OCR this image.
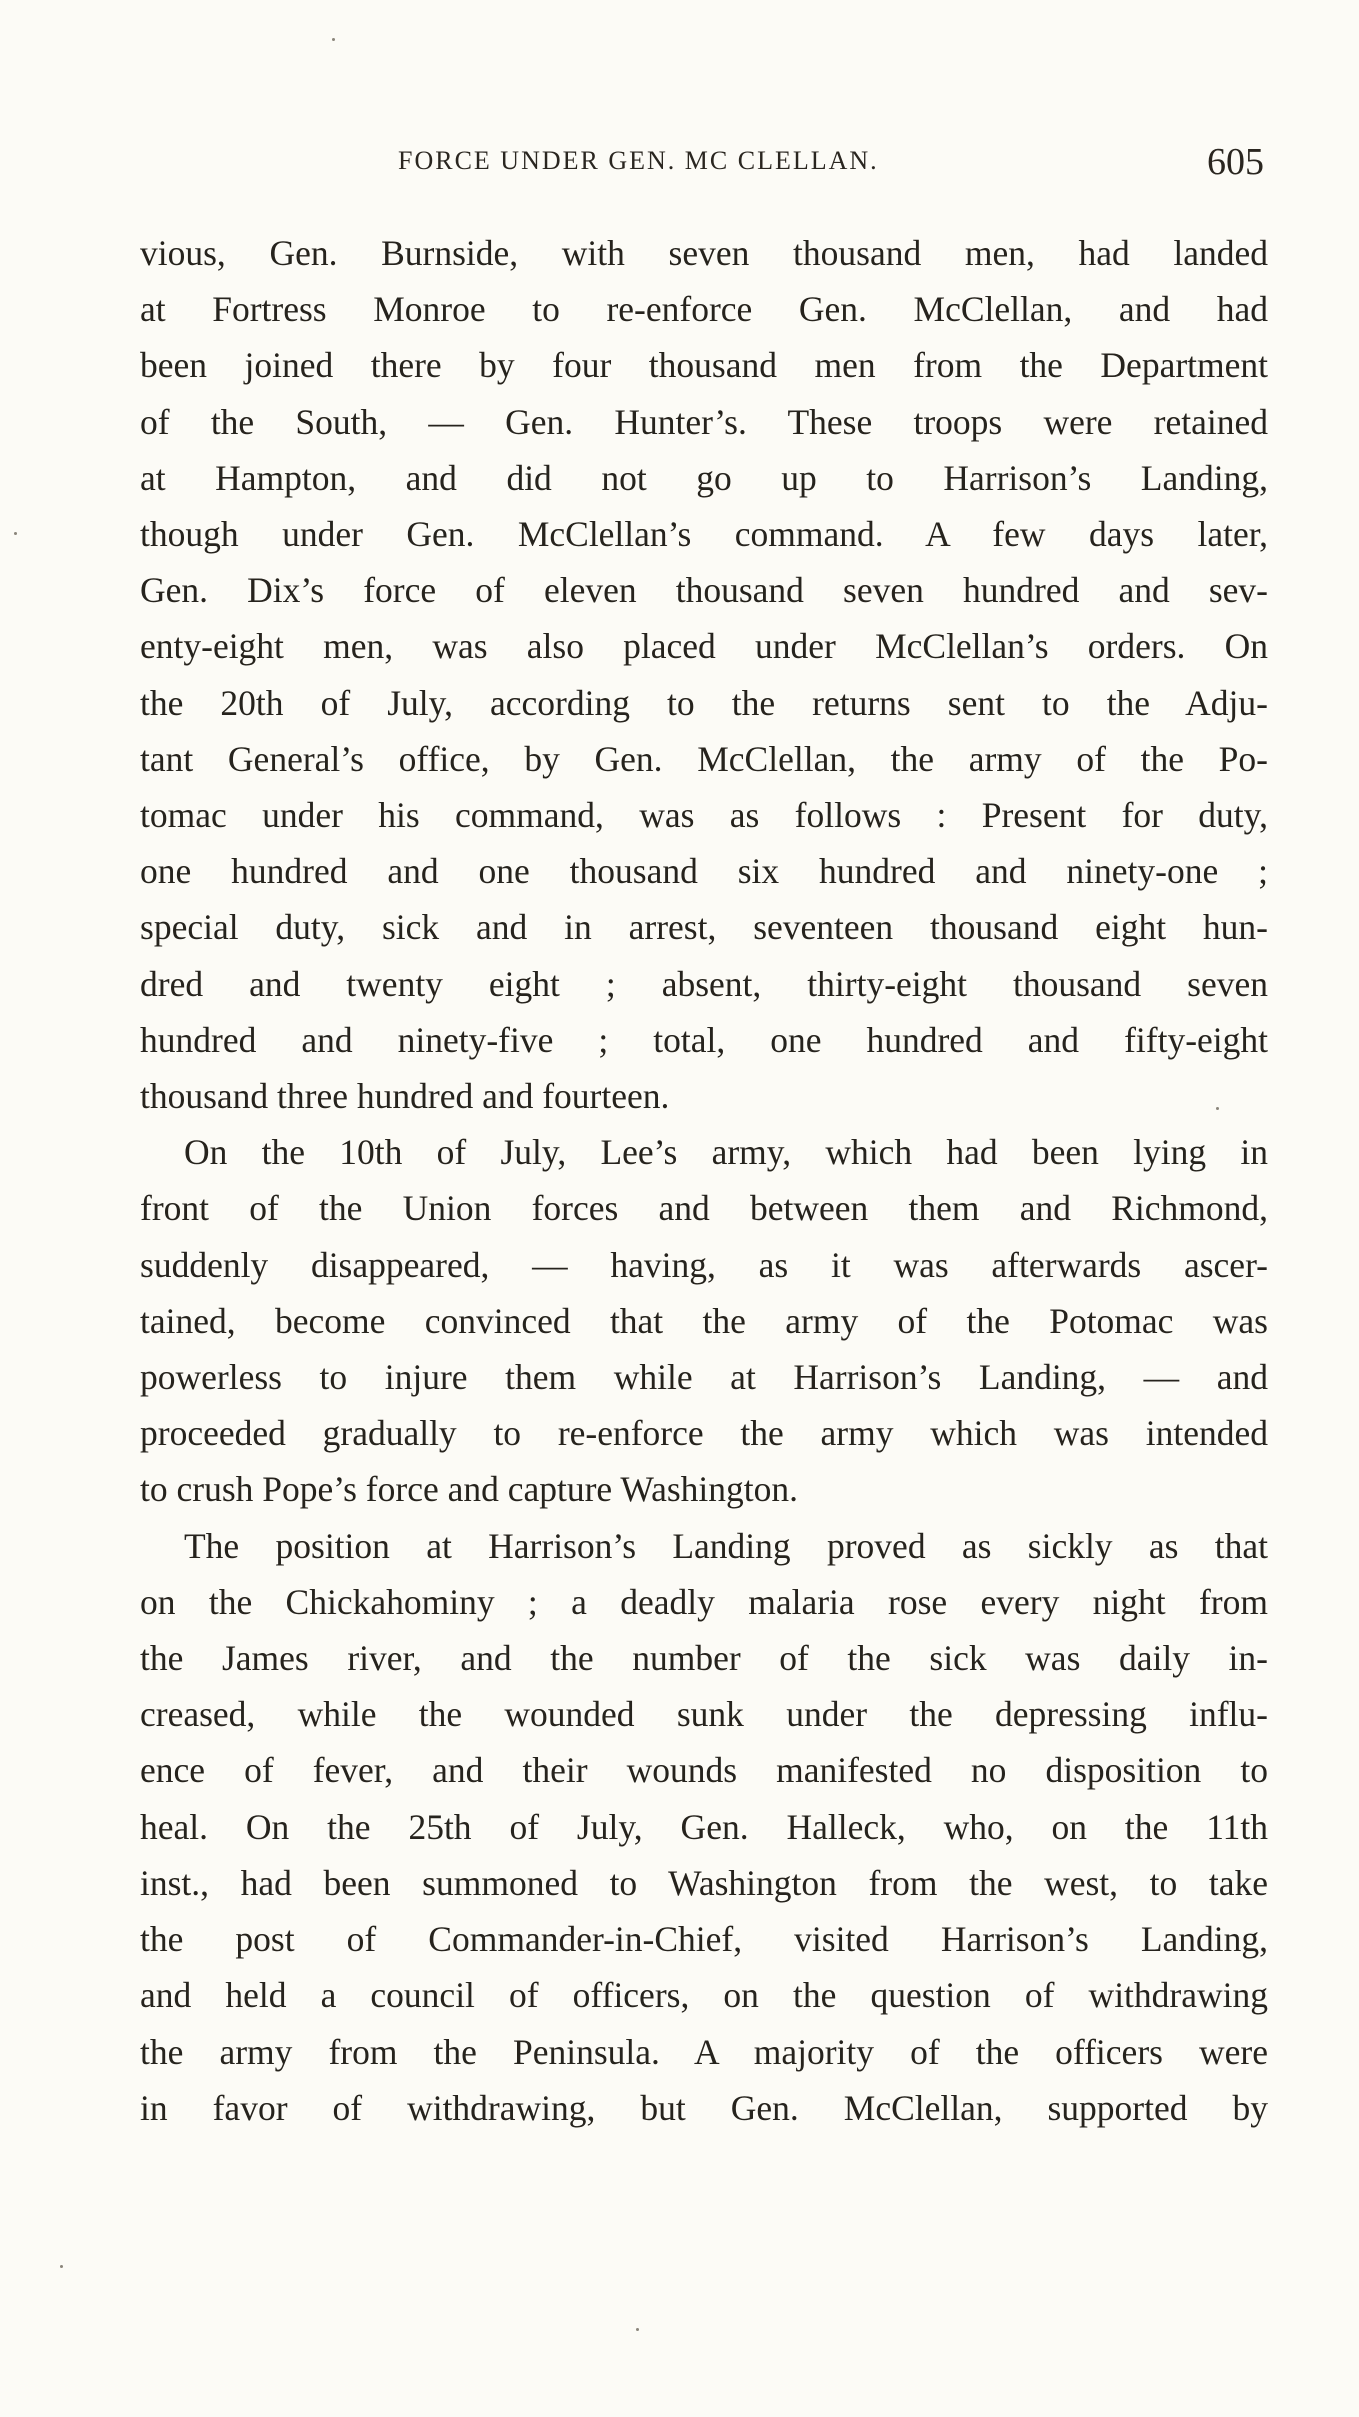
FORCE UNDER GEN. MC CLELLAN.	605
vious, Gen. Burnside, with seven thousand men, had landed
at Fortress Monroe to re-enforce Gen. McClellan, and had
been joined there by four thousand men from the Department
of the South, — Gen. Hunter’s. These troops were retained
at Hampton, and did not go up to Harrison’s Landing,
though under Gen. McClellan’s command. A few days later,
Gen. Dix’s force of eleven thousand seven hundred and sev-
enty-eight men, was also placed under McClellan’s orders. On
the 20th of July, according to the returns sent to the Adju-
tant General’s office, by Gen. McClellan, the army of the Po-
tomac under his command, was as follows : Present for duty,
one hundred and one thousand six hundred and ninety-one ;
special duty, sick and in arrest, seventeen thousand eight hun-
dred and twenty eight ; absent, thirty-eight thousand seven
hundred and ninety-five ; total, one hundred and fifty-eight
thousand three hundred and fourteen.
On the 10th of July, Lee’s army, which had been lying in
front of the Union forces and between them and Richmond,
suddenly disappeared, — having, as it was afterwards ascer-
tained, become convinced that the army of the Potomac was
powerless to injure them while at Harrison’s Landing, — and
proceeded gradually to re-enforce the army which was intended
to crush Pope’s force and capture Washington.
The position at Harrison’s Landing proved as sickly as that
on the Chickahominy ; a deadly malaria rose every night from
the James river, and the number of the sick was daily in-
creased, while the wounded sunk under the depressing influ-
ence of fever, and their wounds manifested no disposition to
heal. On the 25th of July, Gen. Halleck, who, on the 11th
inst., had been summoned to Washington from the west, to take
the post of Commander-in-Chief, visited Harrison’s Landing,
and held a council of officers, on the question of withdrawing
the army from the Peninsula. A majority of the officers were
in favor of withdrawing, but Gen. McClellan, supported by
